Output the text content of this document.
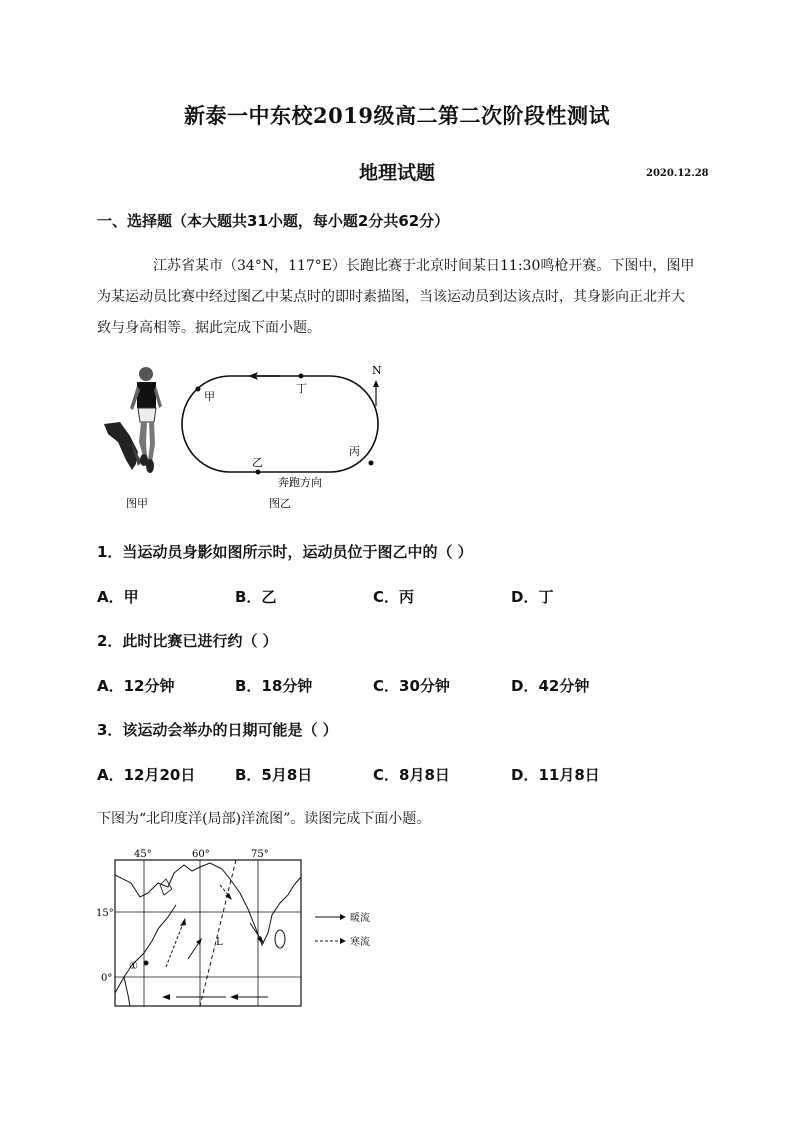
新泰一中东校2019级高二第二次阶段性测试
地理试题	2020.12.28
一、选择题（本大题共31小题，每小题2分共62分）
江苏省某市（34°N，117°E）长跑比赛于北京时间某日11:30鸣枪开赛。下图中，图甲为某运动员比赛中经过图乙中某点时的即时素描图，当该运动员到达该点时，其身影向正北并大致与身高相等。据此完成下面小题。
图甲
甲
乙
丙
丁
N
奔跑方向
图乙
1．当运动员身影如图所示时，运动员位于图乙中的（ ）
A．甲	B．乙	C．丙	D．丁
2．此时比赛已进行约（ ）
A．12分钟	B．18分钟	C．30分钟	D．42分钟
3．该运动会举办的日期可能是（ ）
A．12月20日	B．5月8日	C．8月8日	D．11月8日
下图为“北印度洋(局部)洋流图”。读图完成下面小题。
45°	60°	75°
15°
0°
①
L
暖流
寒流
